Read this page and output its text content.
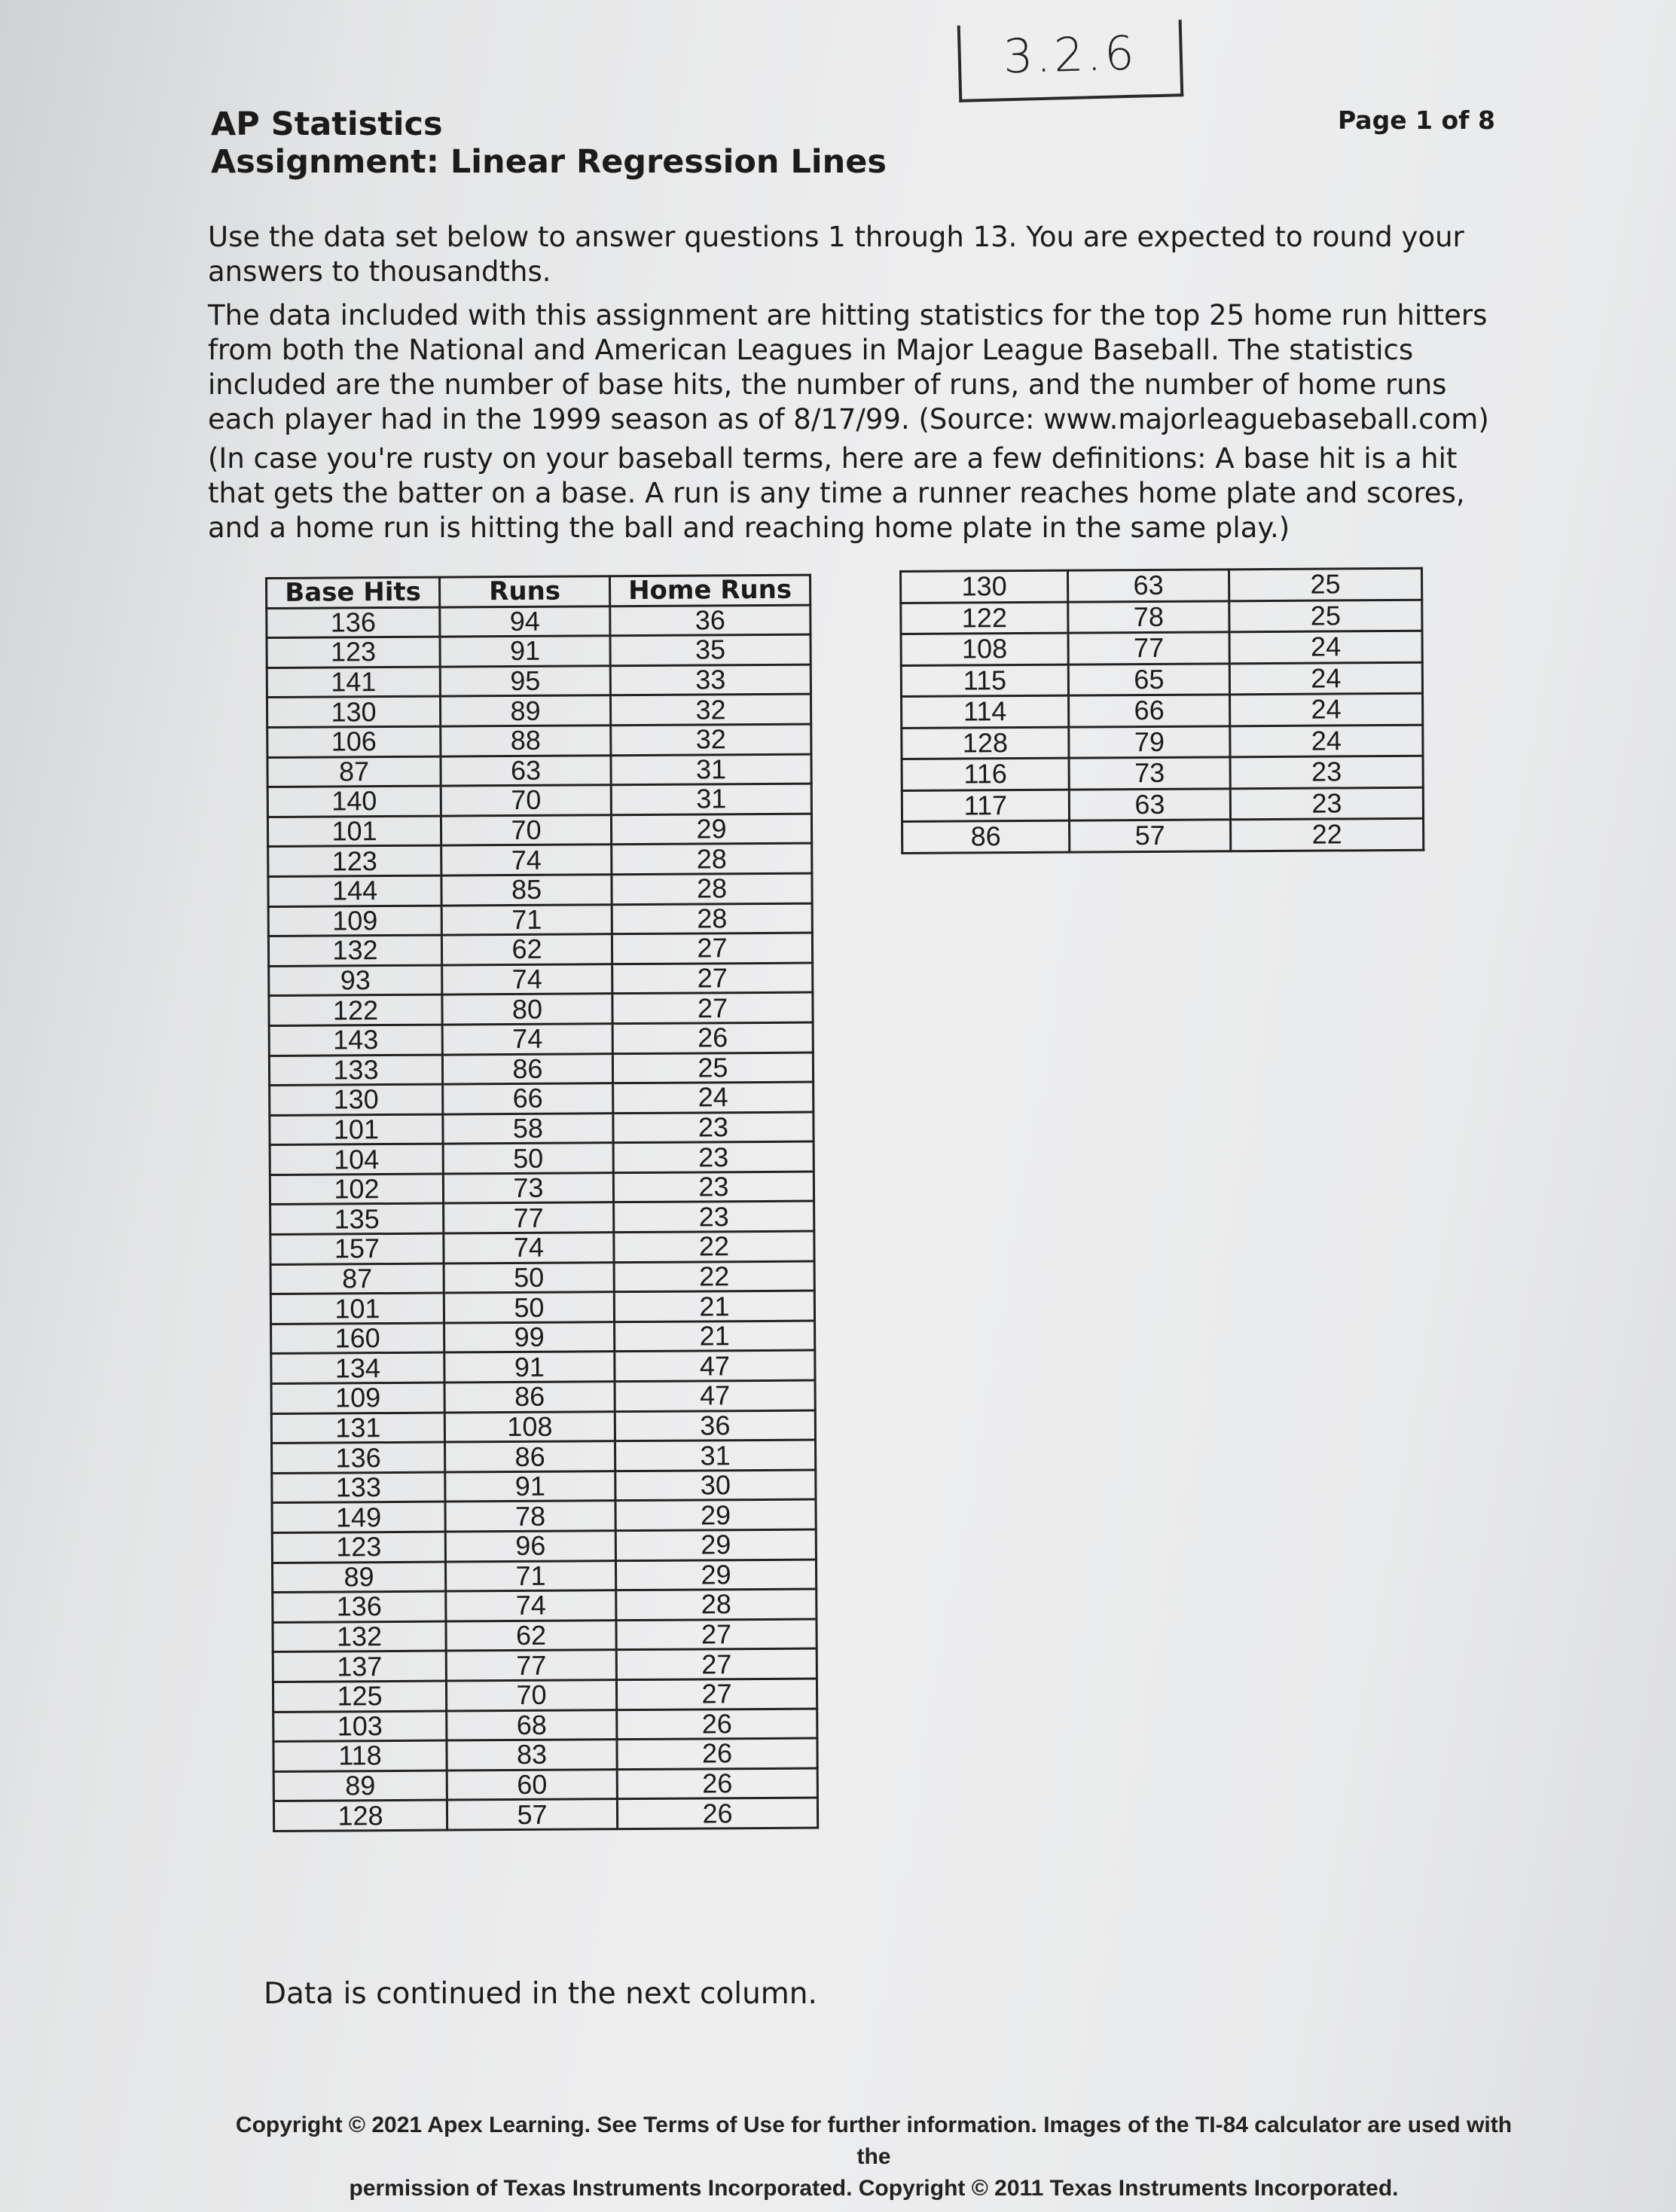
3.2.6
AP Statistics
Assignment: Linear Regression Lines
Page 1 of 8
Use the data set below to answer questions 1 through 13. You are expected to round your answers to thousandths.
The data included with this assignment are hitting statistics for the top 25 home run hitters from both the National and American Leagues in Major League Baseball. The statistics included are the number of base hits, the number of runs, and the number of home runs each player had in the 1999 season as of 8/17/99. (Source: www.majorleaguebaseball.com)
(In case you're rusty on your baseball terms, here are a few definitions: A base hit is a hit that gets the batter on a base. A run is any time a runner reaches home plate and scores, and a home run is hitting the ball and reaching home plate in the same play.)
Base Hits	Runs	Home Runs
136	94	36
123	91	35
141	95	33
130	89	32
106	88	32
87	63	31
140	70	31
101	70	29
123	74	28
144	85	28
109	71	28
132	62	27
93	74	27
122	80	27
143	74	26
133	86	25
130	66	24
101	58	23
104	50	23
102	73	23
135	77	23
157	74	22
87	50	22
101	50	21
160	99	21
134	91	47
109	86	47
131	108	36
136	86	31
133	91	30
149	78	29
123	96	29
89	71	29
136	74	28
132	62	27
137	77	27
125	70	27
103	68	26
118	83	26
89	60	26
128	57	26
130	63	25
122	78	25
108	77	24
115	65	24
114	66	24
128	79	24
116	73	23
117	63	23
86	57	22
Data is continued in the next column.
Copyright © 2021 Apex Learning. See Terms of Use for further information. Images of the TI-84 calculator are used with the
permission of Texas Instruments Incorporated. Copyright © 2011 Texas Instruments Incorporated.
